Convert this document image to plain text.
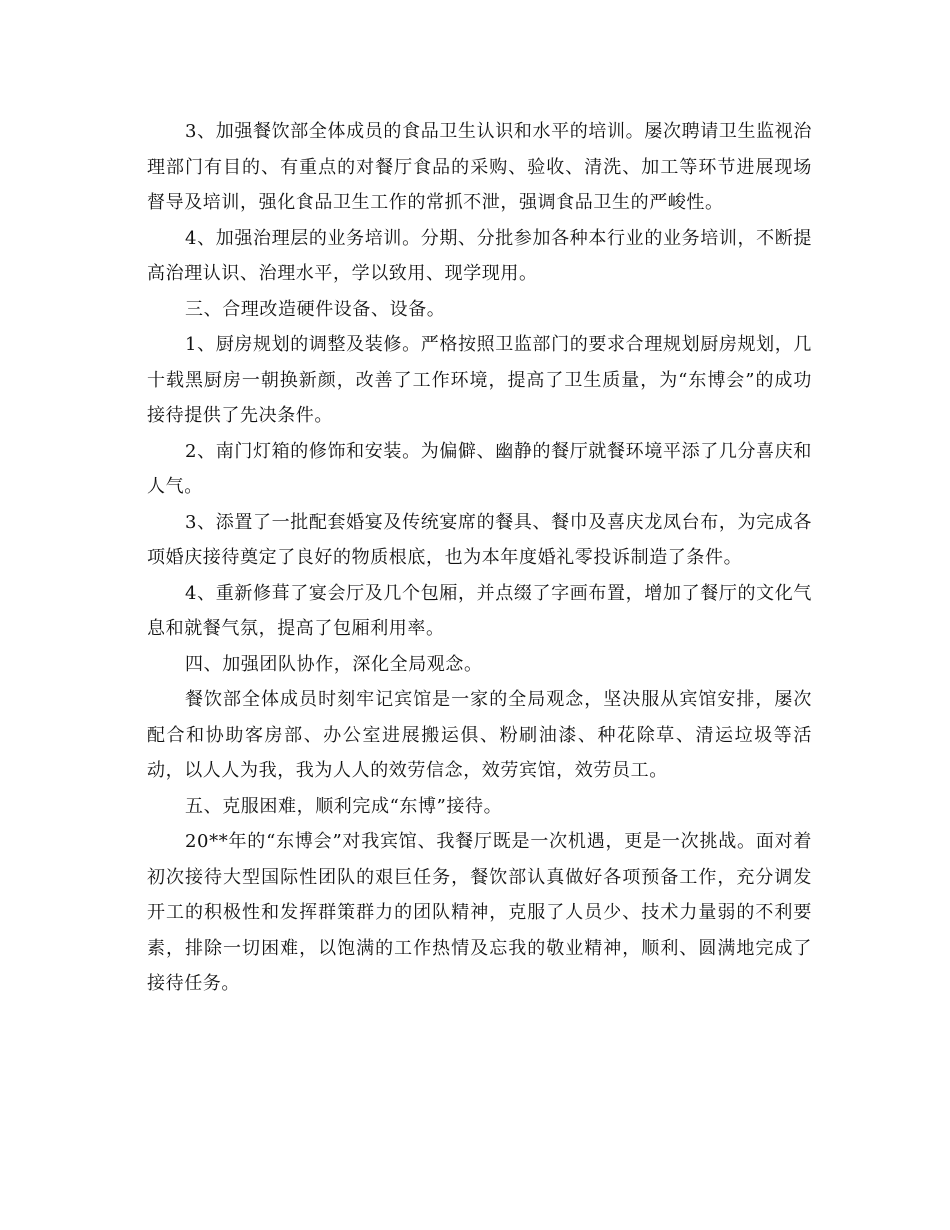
3、加强餐饮部全体成员的食品卫生认识和水平的培训。屡次聘请卫生监视治理部门有目的、有重点的对餐厅食品的采购、验收、清洗、加工等环节进展现场督导及培训，强化食品卫生工作的常抓不泄，强调食品卫生的严峻性。

4、加强治理层的业务培训。分期、分批参加各种本行业的业务培训，不断提高治理认识、治理水平，学以致用、现学现用。

三、合理改造硬件设备、设备。

1、厨房规划的调整及装修。严格按照卫监部门的要求合理规划厨房规划，几十载黑厨房一朝换新颜，改善了工作环境，提高了卫生质量，为“东博会”的成功接待提供了先决条件。

2、南门灯箱的修饰和安装。为偏僻、幽静的餐厅就餐环境平添了几分喜庆和人气。

3、添置了一批配套婚宴及传统宴席的餐具、餐巾及喜庆龙凤台布，为完成各项婚庆接待奠定了良好的物质根底，也为本年度婚礼零投诉制造了条件。

4、重新修葺了宴会厅及几个包厢，并点缀了字画布置，增加了餐厅的文化气息和就餐气氛，提高了包厢利用率。

四、加强团队协作，深化全局观念。

餐饮部全体成员时刻牢记宾馆是一家的全局观念，坚决服从宾馆安排，屡次配合和协助客房部、办公室进展搬运俱、粉刷油漆、种花除草、清运垃圾等活动，以人人为我，我为人人的效劳信念，效劳宾馆，效劳员工。

五、克服困难，顺利完成“东博”接待。

20**年的“东博会”对我宾馆、我餐厅既是一次机遇，更是一次挑战。面对着初次接待大型国际性团队的艰巨任务，餐饮部认真做好各项预备工作，充分调发开工的积极性和发挥群策群力的团队精神，克服了人员少、技术力量弱的不利要素，排除一切困难，以饱满的工作热情及忘我的敬业精神，顺利、圆满地完成了接待任务。
